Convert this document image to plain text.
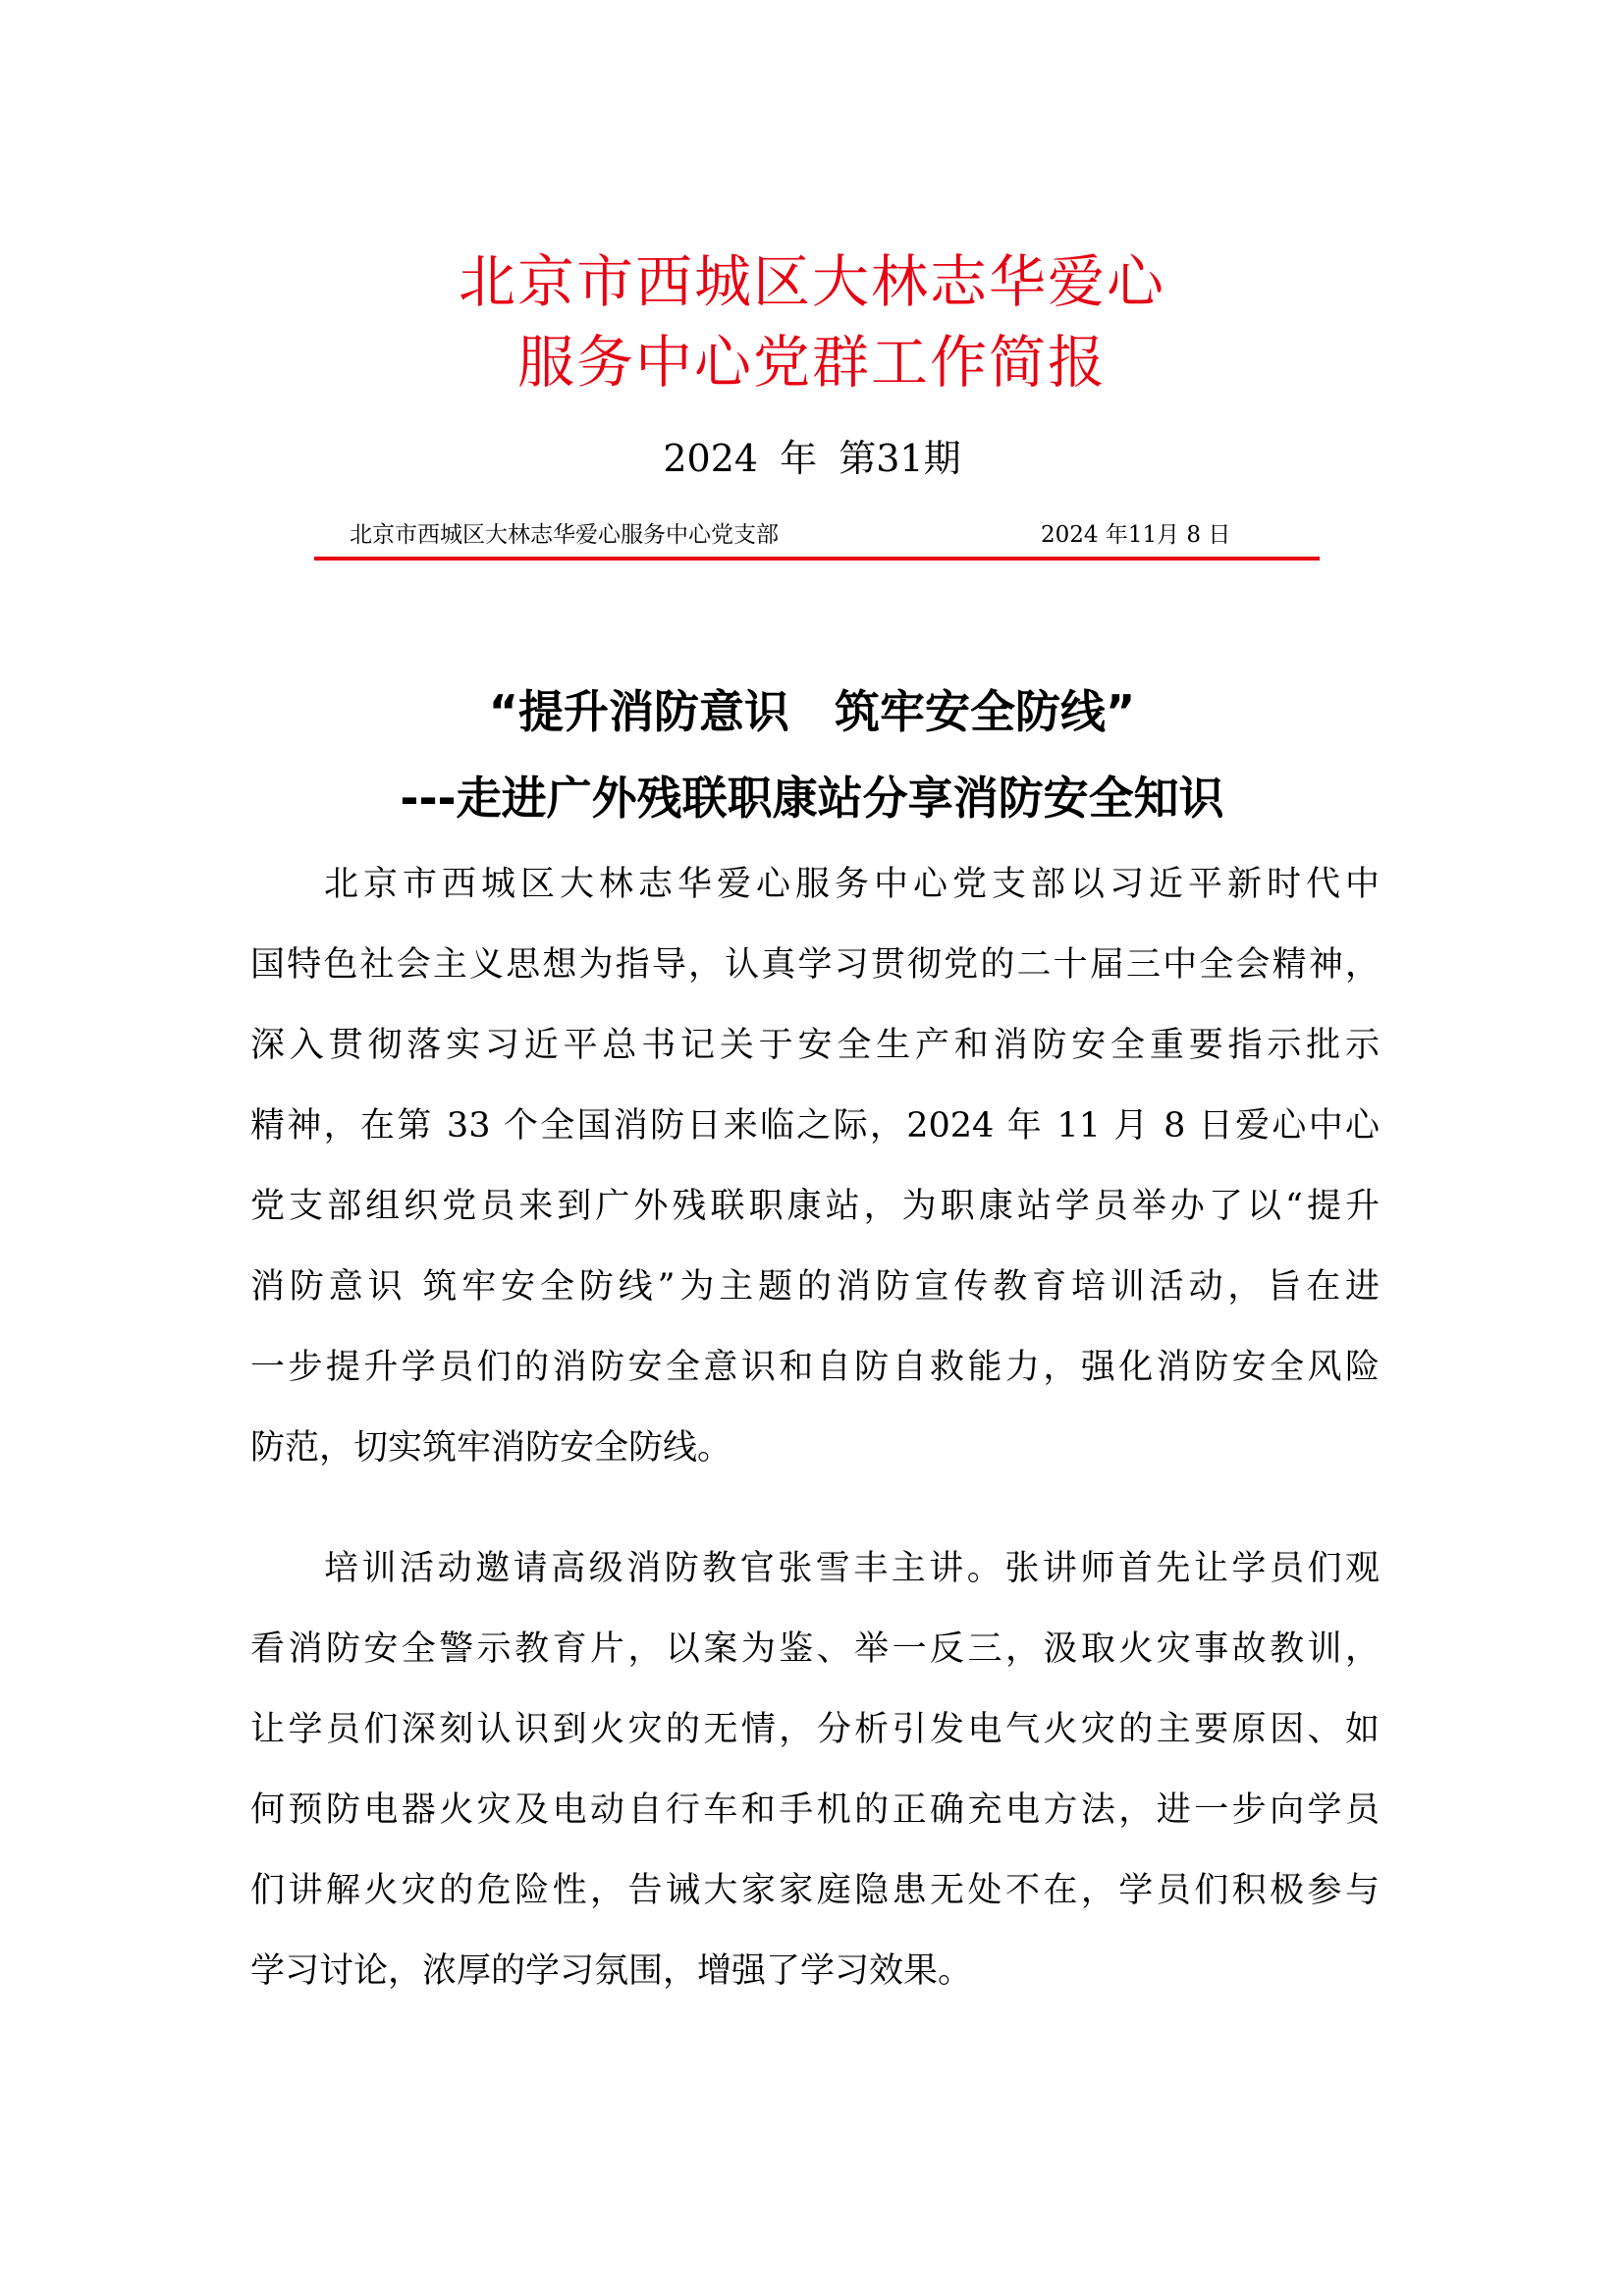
北京市西城区大林志华爱心
服务中心党群工作简报
2024 年 第31期
北京市西城区大林志华爱心服务中心党支部	2024 年11月 8 日
“提升消防意识　筑牢安全防线”
---走进广外残联职康站分享消防安全知识
北京市西城区大林志华爱心服务中心党支部以习近平新时代中
国特色社会主义思想为指导，认真学习贯彻党的二十届三中全会精神，
深入贯彻落实习近平总书记关于安全生产和消防安全重要指示批示
精神，在第 33 个全国消防日来临之际，2024 年 11 月 8 日爱心中心
党支部组织党员来到广外残联职康站，为职康站学员举办了以“提升
消防意识 筑牢安全防线”为主题的消防宣传教育培训活动，旨在进
一步提升学员们的消防安全意识和自防自救能力，强化消防安全风险
防范，切实筑牢消防安全防线。
培训活动邀请高级消防教官张雪丰主讲。张讲师首先让学员们观
看消防安全警示教育片，以案为鉴、举一反三，汲取火灾事故教训，
让学员们深刻认识到火灾的无情，分析引发电气火灾的主要原因、如
何预防电器火灾及电动自行车和手机的正确充电方法，进一步向学员
们讲解火灾的危险性，告诫大家家庭隐患无处不在，学员们积极参与
学习讨论，浓厚的学习氛围，增强了学习效果。
